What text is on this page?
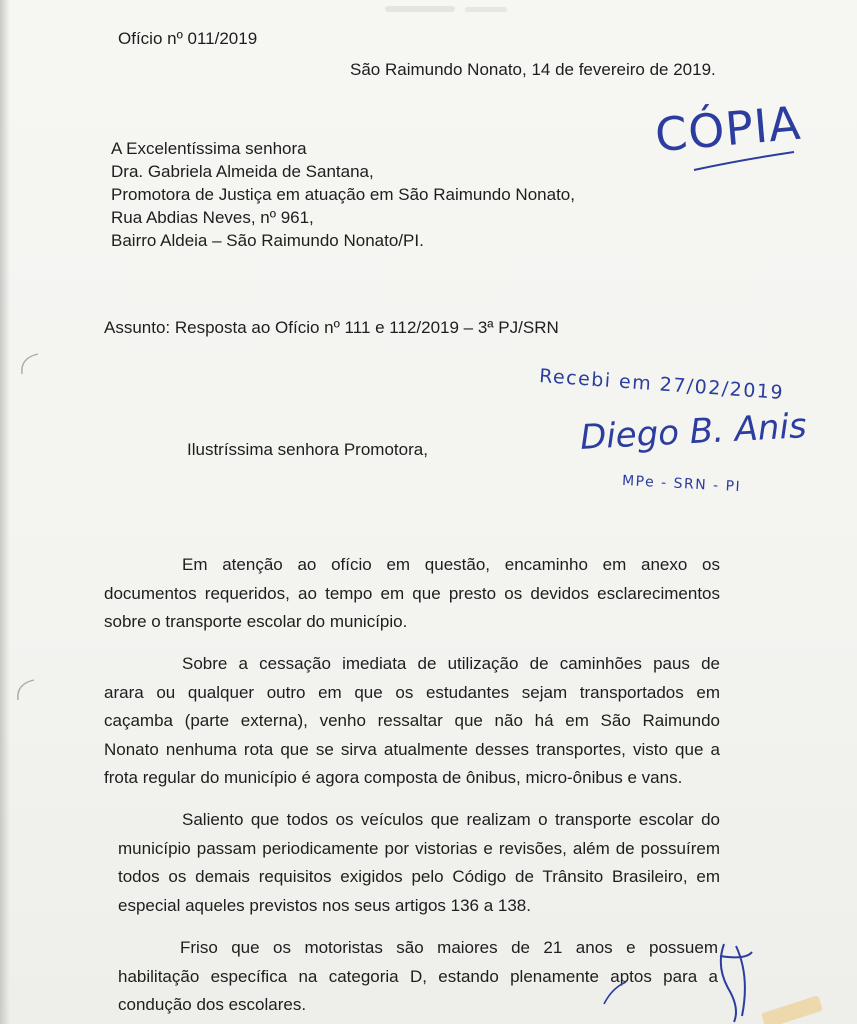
Ofício nº 011/2019
São Raimundo Nonato, 14 de fevereiro de 2019.
A Excelentíssima senhora
Dra. Gabriela Almeida de Santana,
Promotora de Justiça em atuação em São Raimundo Nonato,
Rua Abdias Neves, nº 961,
Bairro Aldeia – São Raimundo Nonato/PI.
CÓPIA
Assunto: Resposta ao Ofício nº 111 e 112/2019 – 3ª PJ/SRN
Recebi em 27/02/2019
Diego B. Anis
MPe - SRN - PI
Ilustríssima senhora Promotora,
Em atenção ao ofício em questão, encaminho em anexo os
documentos requeridos, ao tempo em que presto os devidos esclarecimentos
sobre o transporte escolar do município.
Sobre a cessação imediata de utilização de caminhões paus de
arara ou qualquer outro em que os estudantes sejam transportados em
caçamba (parte externa), venho ressaltar que não há em São Raimundo
Nonato nenhuma rota que se sirva atualmente desses transportes, visto que a
frota regular do município é agora composta de ônibus, micro-ônibus e vans.
Saliento que todos os veículos que realizam o transporte escolar do
município passam periodicamente por vistorias e revisões, além de possuírem
todos os demais requisitos exigidos pelo Código de Trânsito Brasileiro, em
especial aqueles previstos nos seus artigos 136 a 138.
Friso que os motoristas são maiores de 21 anos e possuem
habilitação específica na categoria D, estando plenamente aptos para a
condução dos escolares.
